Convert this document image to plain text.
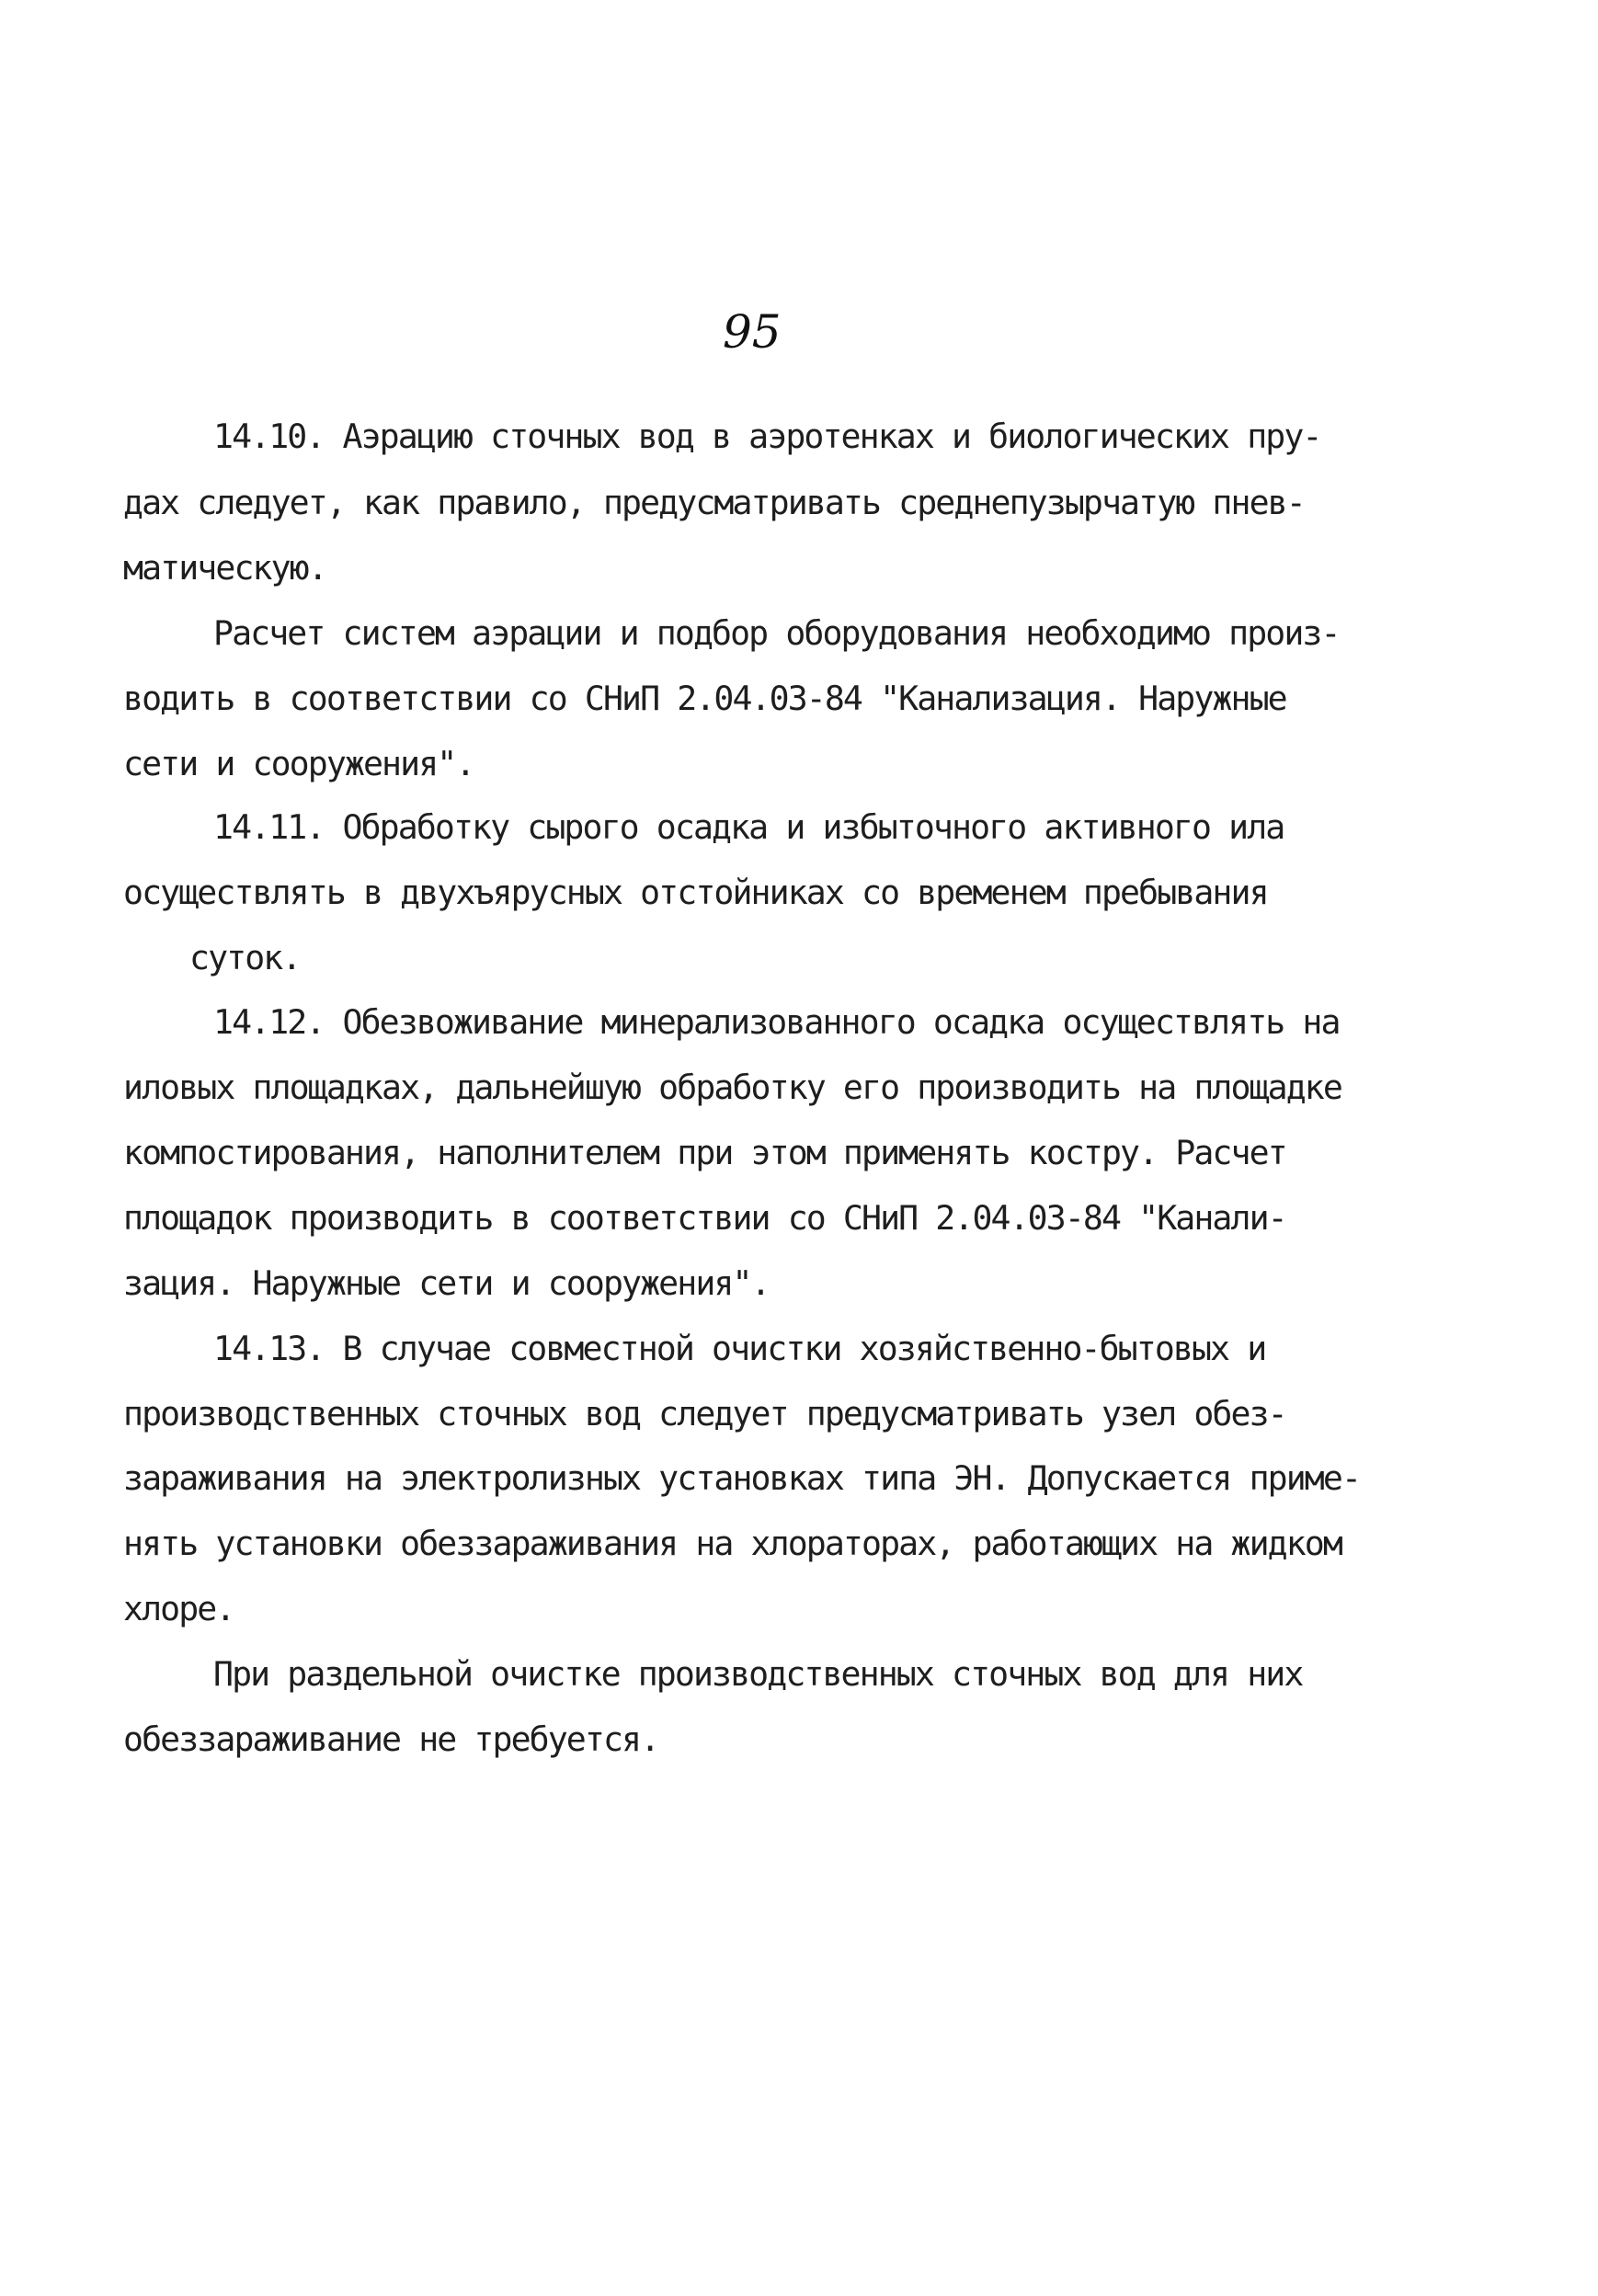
95
14.10. Аэрацию сточных вод в аэротенках и биологических пру-
дах следует, как правило, предусматривать среднепузырчатую пнев-
матическую.
Расчет систем аэрации и подбор оборудования необходимо произ-
водить в соответствии со СНиП 2.04.03-84 "Канализация. Наружные
сети и сооружения".
14.11. Обработку сырого осадка и избыточного активного ила
осуществлять в двухъярусных отстойниках со временем пребывания
суток.
14.12. Обезвоживание минерализованного осадка осуществлять на
иловых площадках, дальнейшую обработку его производить на площадке
компостирования, наполнителем при этом применять костру. Расчет
площадок производить в соответствии со СНиП 2.04.03-84 "Канали-
зация. Наружные сети и сооружения".
14.13. В случае совместной очистки хозяйственно-бытовых и
производственных сточных вод следует предусматривать узел обез-
зараживания на электролизных установках типа ЭН. Допускается приме-
нять установки обеззараживания на хлораторах, работающих на жидком
хлоре.
При раздельной очистке производственных сточных вод для них
обеззараживание не требуется.
